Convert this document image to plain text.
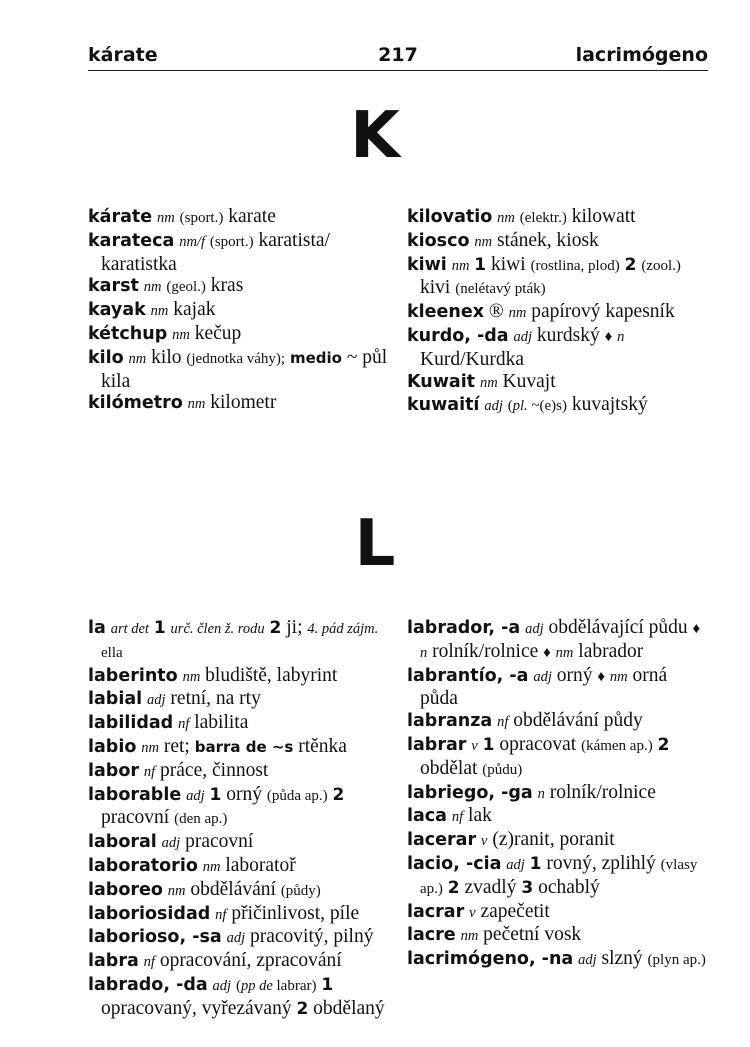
kárate	217	lacrimógeno
K

kárate nm (sport.) karate

karateca nm/f (sport.) karatista/ karatistka

karst nm (geol.) kras

kayak nm kajak

kétchup nm kečup

kilo nm kilo (jednotka váhy); medio ~ půl kila

kilómetro nm kilometr

kilovatio nm (elektr.) kilowatt

kiosco nm stánek, kiosk

kiwi nm 1 kiwi (rostlina, plod) 2 (zool.) kivi (nelétavý pták)

kleenex ® nm papírový kapesník

kurdo, -da adj kurdský ♦ n Kurd/Kurdka

Kuwait nm Kuvajt

kuwaití adj (pl. ~(e)s) kuvajtský

L

la art det 1 urč. člen ž. rodu 2 ji; 4. pád zájm. ella

laberinto nm bludiště, labyrint

labial adj retní, na rty

labilidad nf labilita

labio nm ret; barra de ~s rtěnka

labor nf práce, činnost

laborable adj 1 orný (půda ap.) 2 pracovní (den ap.)

laboral adj pracovní

laboratorio nm laboratoř

laboreo nm obdělávání (půdy)

laboriosidad nf přičinlivost, píle

laborioso, -sa adj pracovitý, pilný

labra nf opracování, zpracování

labrado, -da adj (pp de labrar) 1 opracovaný, vyřezávaný 2 obdělaný

labrador, -a adj obdělávající půdu ♦ n rolník/rolnice ♦ nm labrador

labrantío, -a adj orný ♦ nm orná půda

labranza nf obdělávání půdy

labrar v 1 opracovat (kámen ap.) 2 obdělat (půdu)

labriego, -ga n rolník/rolnice

laca nf lak

lacerar v (z)ranit, poranit

lacio, -cia adj 1 rovný, zplihlý (vlasy ap.) 2 zvadlý 3 ochablý

lacrar v zapečetit

lacre nm pečetní vosk

lacrimógeno, -na adj slzný (plyn ap.)
